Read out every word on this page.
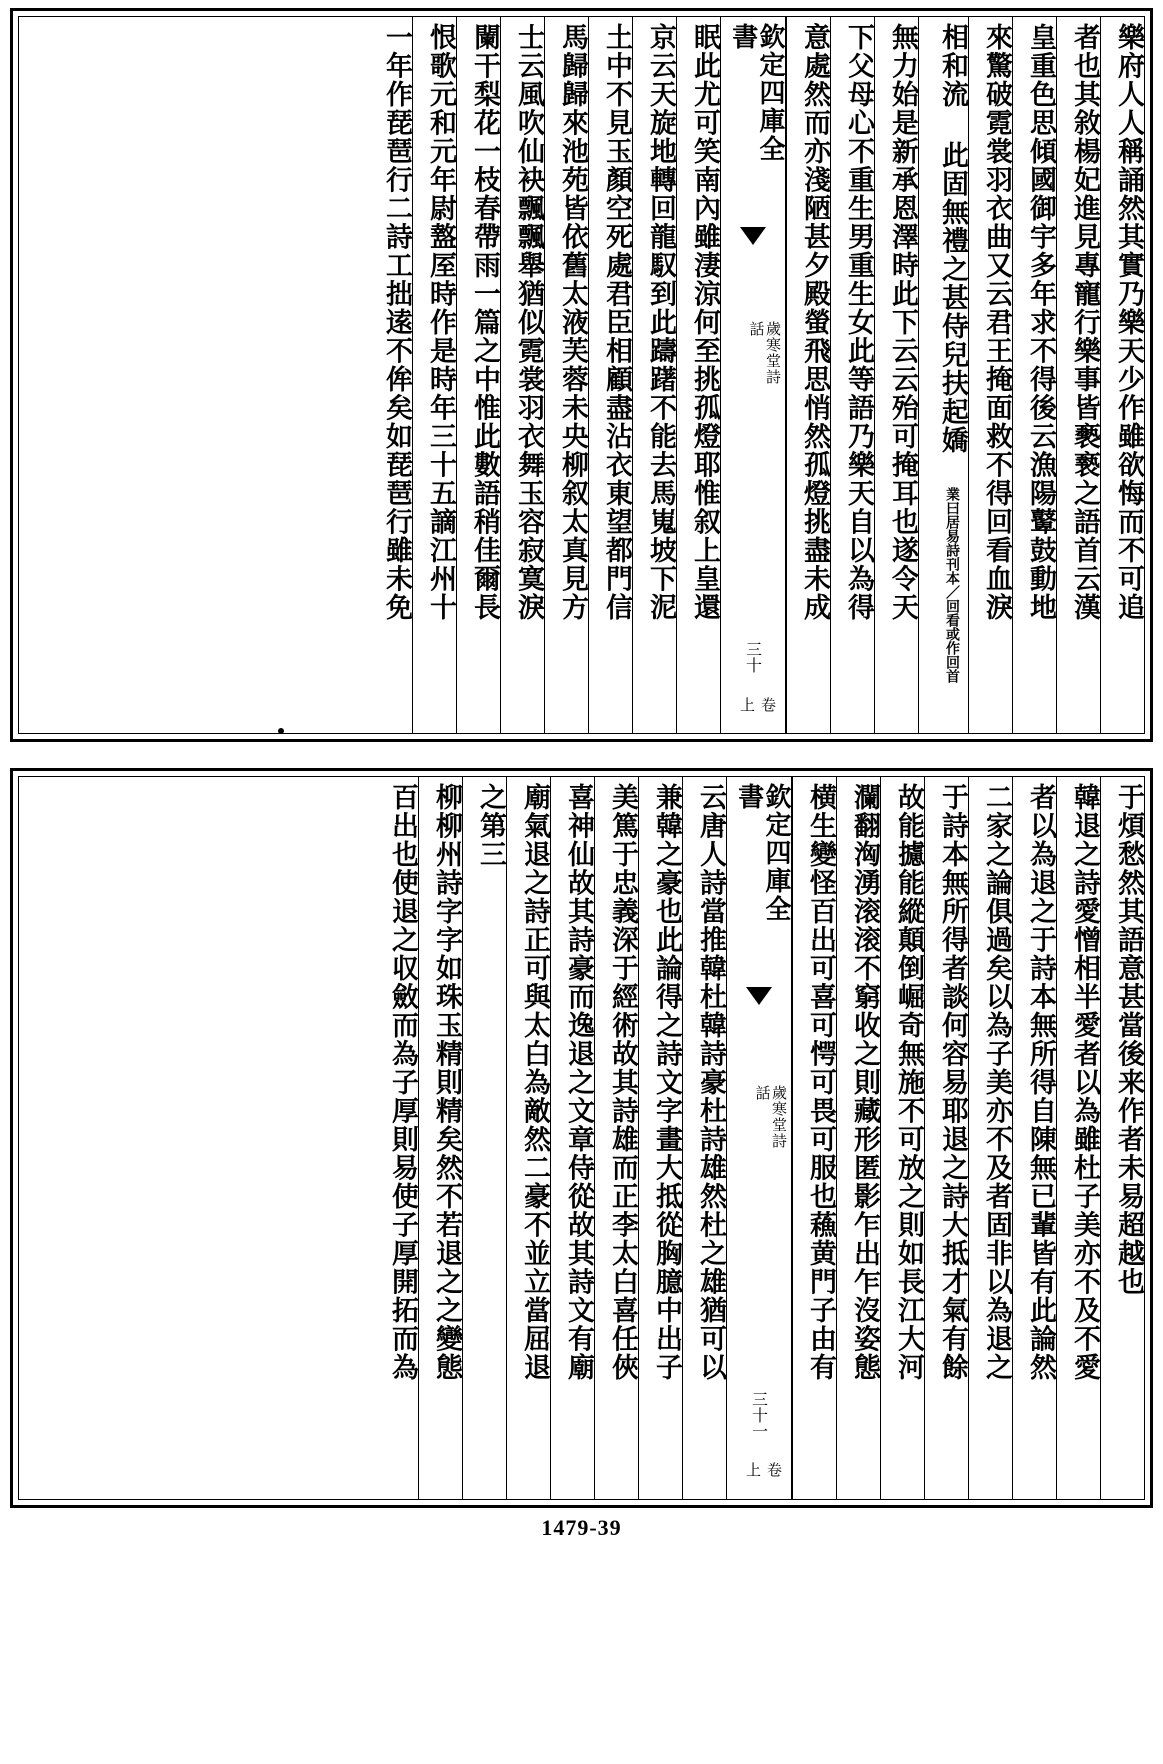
樂府人人稱誦然其實乃樂天少作雖欲悔而不可追
者也其敘楊妃進見專寵行樂事皆褻䙝之語首云漢
皇重色思傾國御宇多年求不得後云漁陽鼙鼓動地
來驚破霓裳羽衣曲又云君王掩面救不得回看血淚
相和流 此固無禮之甚侍兒扶起嬌 業曰居易詩刊本／回看或作回首
無力始是新承恩澤時此下云云殆可掩耳也遂令天
下父母心不重生男重生女此等語乃樂天自以為得
意處然而亦淺陋甚夕殿螢飛思悄然孤燈挑盡未成
欽定四庫全書
歲寒堂詩話
卷上
三十
眠此尤可笑南內雖淒涼何至挑孤燈耶惟叙上皇還
京云天旋地轉回龍馭到此躊躇不能去馬嵬坡下泥
土中不見玉顏空死處君臣相顧盡沾衣東望都門信
馬歸歸來池苑皆依舊太液芙蓉未央柳叙太真見方
士云風吹仙袂飄飄舉猶似霓裳羽衣舞玉容寂寞淚
闌干梨花一枝春帶雨一篇之中惟此數語稍佳爾長
恨歌元和元年尉盩厔時作是時年三十五謫江州十
一年作琵琶行二詩工拙逺不侔矣如琵琶行雖未免
于煩愁然其語意甚當後来作者未易超越也
韓退之詩愛憎相半愛者以為雖杜子美亦不及不愛
者以為退之于詩本無所得自陳無已輩皆有此論然
二家之論俱過矣以為子美亦不及者固非以為退之
于詩本無所得者談何容易耶退之詩大抵才氣有餘
故能攄能縱顛倒崛奇無施不可放之則如長江大河
瀾翻洶湧滚滚不窮收之則藏形匿影乍出乍沒姿態
横生變怪百出可喜可愕可畏可服也蘓黄門子由有
欽定四庫全書
歲寒堂詩話
卷上
三十一
云唐人詩當推韓杜韓詩豪杜詩雄然杜之雄猶可以
兼韓之豪也此論得之詩文字畫大抵從胸臆中出子
美篤于忠義深于經術故其詩雄而正李太白喜任俠
喜神仙故其詩豪而逸退之文章侍從故其詩文有廟
廟氣退之詩正可與太白為敵然二豪不並立當屈退
之第三
柳柳州詩字字如珠玉精則精矣然不若退之之變態
百出也使退之収斂而為子厚則易使子厚開拓而為
1479-39
